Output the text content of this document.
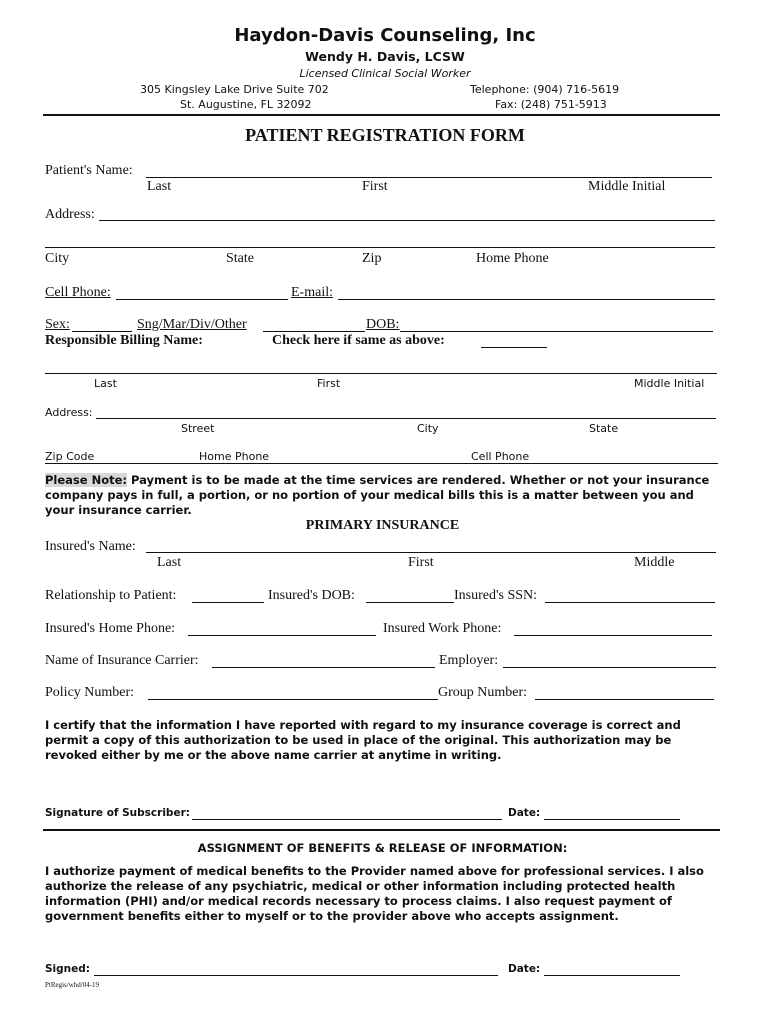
Haydon-Davis Counseling, Inc
Wendy H. Davis, LCSW
Licensed Clinical Social Worker
305 Kingsley Lake Drive Suite 702
St. Augustine, FL 32092
Telephone: (904) 716-5619
Fax: (248) 751-5913
PATIENT REGISTRATION FORM
Patient's Name:
Last	First	Middle Initial
Address:
City	State	Zip	Home Phone
Cell Phone:	E-mail:
Sex:	Sng/Mar/Div/Other	DOB:
Responsible Billing Name:	Check here if same as above:
Last	First	Middle Initial
Address:
Street	City	State
Zip Code	Home Phone	Cell Phone
Please Note: Payment is to be made at the time services are rendered. Whether or not your insurance company pays in full, a portion, or no portion of your medical bills this is a matter between you and your insurance carrier.
PRIMARY INSURANCE
Insured's Name:
Last	First	Middle
Relationship to Patient:	Insured's DOB:	Insured's SSN:
Insured's Home Phone:	Insured Work Phone:
Name of Insurance Carrier:	Employer:
Policy Number:	Group Number:
I certify that the information I have reported with regard to my insurance coverage is correct and permit a copy of this authorization to be used in place of the original. This authorization may be revoked either by me or the above name carrier at anytime in writing.
Signature of Subscriber:	Date:
ASSIGNMENT OF BENEFITS & RELEASE OF INFORMATION:
I authorize payment of medical benefits to the Provider named above for professional services. I also authorize the release of any psychiatric, medical or other information including protected health information (PHI) and/or medical records necessary to process claims. I also request payment of government benefits either to myself or to the provider above who accepts assignment.
Signed:	Date:
PtRegis/whd/04-19
